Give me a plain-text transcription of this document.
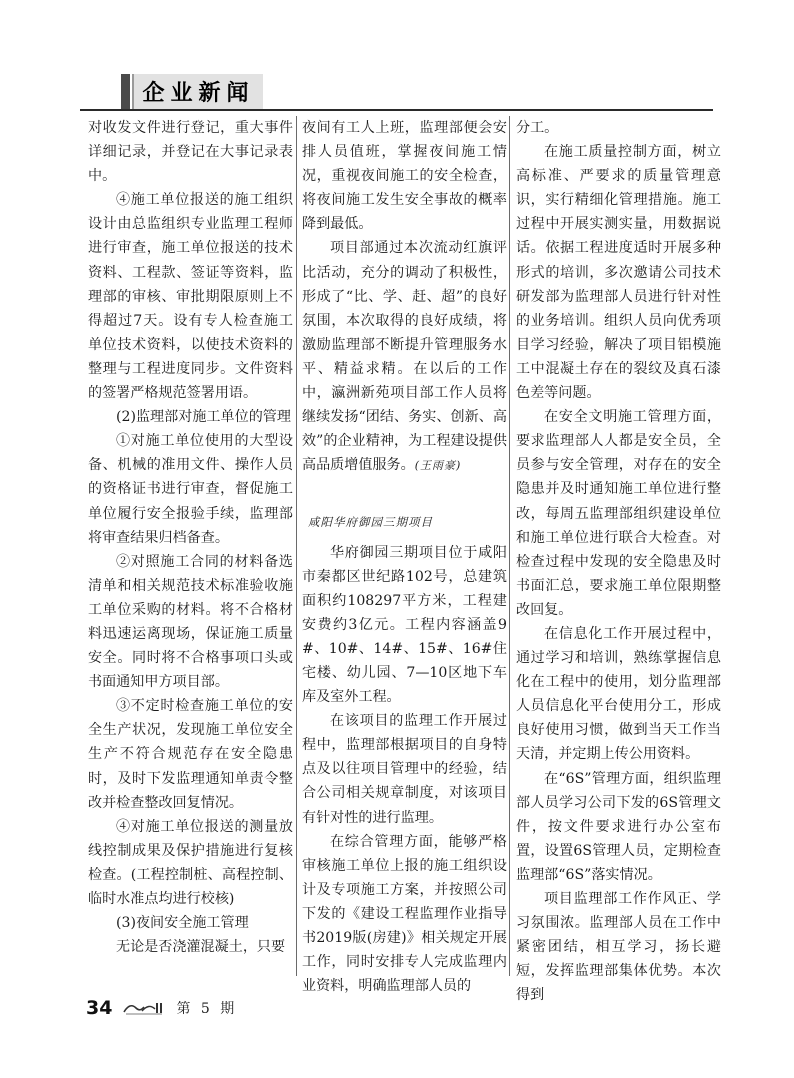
企业新闻

对收发文件进行登记，重大事件详细记录，并登记在大事记录表中。

④施工单位报送的施工组织设计由总监组织专业监理工程师进行审查，施工单位报送的技术资料、工程款、签证等资料，监理部的审核、审批期限原则上不得超过7天。设有专人检查施工单位技术资料，以使技术资料的整理与工程进度同步。文件资料的签署严格规范签署用语。

(2)监理部对施工单位的管理

①对施工单位使用的大型设备、机械的准用文件、操作人员的资格证书进行审查，督促施工单位履行安全报验手续，监理部将审查结果归档备查。

②对照施工合同的材料备选清单和相关规范技术标准验收施工单位采购的材料。将不合格材料迅速运离现场，保证施工质量安全。同时将不合格事项口头或书面通知甲方项目部。

③不定时检查施工单位的安全生产状况，发现施工单位安全生产不符合规范存在安全隐患时，及时下发监理通知单责令整改并检查整改回复情况。

④对施工单位报送的测量放线控制成果及保护措施进行复核检查。(工程控制桩、高程控制、临时水准点均进行校核)

(3)夜间安全施工管理

无论是否浇灌混凝土，只要

夜间有工人上班，监理部便会安排人员值班，掌握夜间施工情况，重视夜间施工的安全检查，将夜间施工发生安全事故的概率降到最低。

项目部通过本次流动红旗评比活动，充分的调动了积极性，形成了“比、学、赶、超”的良好氛围，本次取得的良好成绩，将激励监理部不断提升管理服务水平、精益求精。在以后的工作中，瀛洲新苑项目部工作人员将继续发扬“团结、务实、创新、高效”的企业精神，为工程建设提供高品质增值服务。(王雨豪)

咸阳华府御园三期项目

华府御园三期项目位于咸阳市秦都区世纪路102号，总建筑面积约108297平方米，工程建安费约3亿元。工程内容涵盖9#、10#、14#、15#、16#住宅楼、幼儿园、7—10区地下车库及室外工程。

在该项目的监理工作开展过程中，监理部根据项目的自身特点及以往项目管理中的经验，结合公司相关规章制度，对该项目有针对性的进行监理。

在综合管理方面，能够严格审核施工单位上报的施工组织设计及专项施工方案，并按照公司下发的《建设工程监理作业指导书2019版(房建)》相关规定开展工作，同时安排专人完成监理内业资料，明确监理部人员的

分工。

在施工质量控制方面，树立高标准、严要求的质量管理意识，实行精细化管理措施。施工过程中开展实测实量，用数据说话。依据工程进度适时开展多种形式的培训，多次邀请公司技术研发部为监理部人员进行针对性的业务培训。组织人员向优秀项目学习经验，解决了项目铝模施工中混凝土存在的裂纹及真石漆色差等问题。

在安全文明施工管理方面，要求监理部人人都是安全员，全员参与安全管理，对存在的安全隐患并及时通知施工单位进行整改，每周五监理部组织建设单位和施工单位进行联合大检查。对检查过程中发现的安全隐患及时书面汇总，要求施工单位限期整改回复。

在信息化工作开展过程中，通过学习和培训，熟练掌握信息化在工程中的使用，划分监理部人员信息化平台使用分工，形成良好使用习惯，做到当天工作当天清，并定期上传公用资料。

在“6S”管理方面，组织监理部人员学习公司下发的6S管理文件，按文件要求进行办公室布置，设置6S管理人员，定期检查监理部“6S”落实情况。

项目监理部工作作风正、学习氛围浓。监理部人员在工作中紧密团结，相互学习，扬长避短，发挥监理部集体优势。本次得到

34	第 5 期
